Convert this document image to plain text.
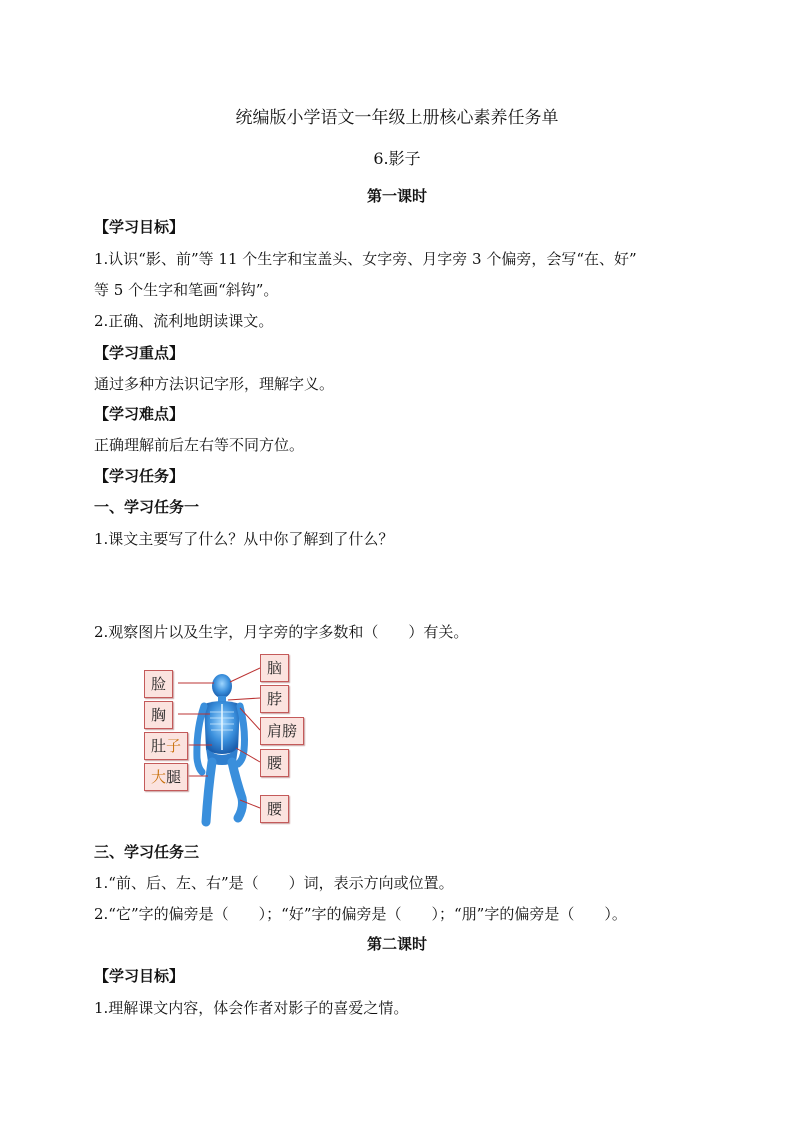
统编版小学语文一年级上册核心素养任务单
6.影子
第一课时
【学习目标】
1.认识“影、前”等 11 个生字和宝盖头、女字旁、月字旁 3 个偏旁，会写“在、好”
等 5 个生字和笔画“斜钩”。
2.正确、流利地朗读课文。
【学习重点】
通过多种方法识记字形，理解字义。
【学习难点】
正确理解前后左右等不同方位。
【学习任务】
一、学习任务一
1.课文主要写了什么？从中你了解到了什么？
2.观察图片以及生字，月字旁的字多数和（　　）有关。
脸
胸
肚子
大腿
脑
脖
肩膀
腰
腰
三、学习任务三
1.“前、后、左、右”是（　　）词，表示方向或位置。
2.“它”字的偏旁是（　　）；“好”字的偏旁是（　　）；“朋”字的偏旁是（　　）。
第二课时
【学习目标】
1.理解课文内容，体会作者对影子的喜爱之情。
